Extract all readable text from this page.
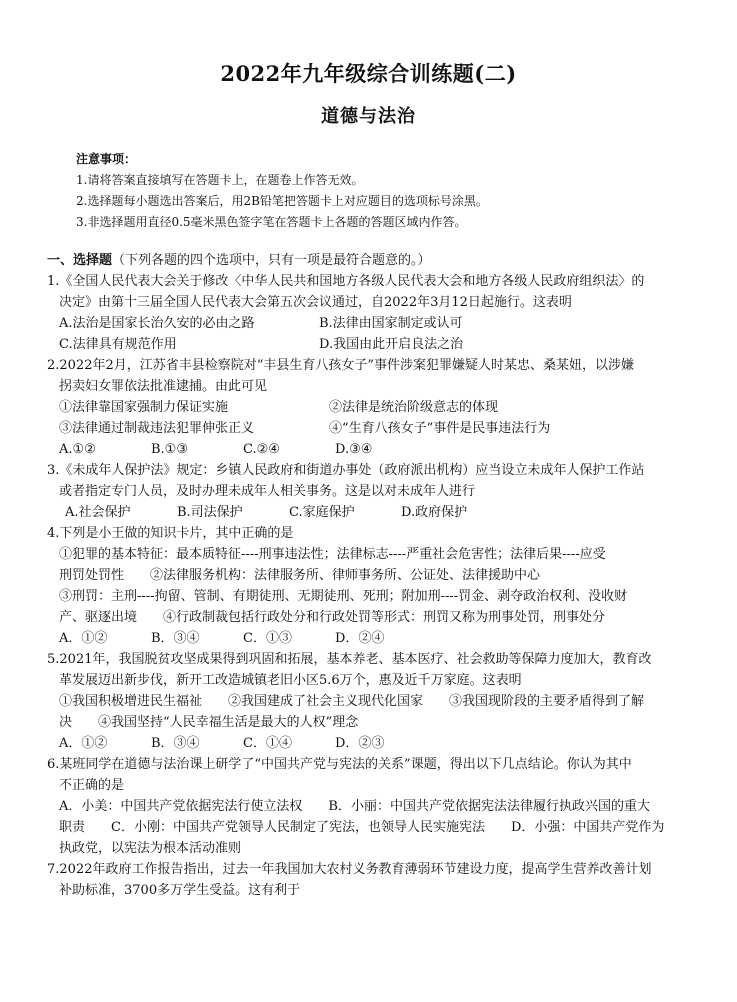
2022年九年级综合训练题(二)
道德与法治
注意事项：
1.请将答案直接填写在答题卡上，在题卷上作答无效。
2.选择题每小题选出答案后，用2B铅笔把答题卡上对应题目的选项标号涂黑。
3.非选择题用直径0.5毫米黑色签字笔在答题卡上各题的答题区域内作答。

一、选择题（下列各题的四个选项中，只有一项是最符合题意的。）

1.《全国人民代表大会关于修改〈中华人民共和国地方各级人民代表大会和地方各级人民政府组织法〉的

决定》由第十三届全国人民代表大会第五次会议通过，自2022年3月12日起施行。这表明

A.法治是国家长治久安的必由之路	B.法律由国家制定或认可
C.法律具有规范作用	D.我国由此开启良法之治

2.2022年2月，江苏省丰县检察院对“丰县生育八孩女子”事件涉案犯罪嫌疑人时某忠、桑某妞，以涉嫌

拐卖妇女罪依法批准逮捕。由此可见

①法律靠国家强制力保证实施	②法律是统治阶级意志的体现
③法律通过制裁违法犯罪伸张正义	④“生育八孩女子”事件是民事违法行为
A.①②	B.①③	C.②④	D.③④

3.《未成年人保护法》规定：乡镇人民政府和街道办事处（政府派出机构）应当设立未成年人保护工作站

或者指定专门人员，及时办理未成年人相关事务。这是以对未成年人进行

A.社会保护	B.司法保护	C.家庭保护	D.政府保护

4.下列是小王做的知识卡片，其中正确的是

①犯罪的基本特征：最本质特征----刑事违法性；法律标志----严重社会危害性；法律后果----应受

刑罚处罚性　　②法律服务机构：法律服务所、律师事务所、公证处、法律援助中心

③刑罚：主刑----拘留、管制、有期徒刑、无期徒刑、死刑；附加刑----罚金、剥夺政治权利、没收财

产、驱逐出境　　④行政制裁包括行政处分和行政处罚等形式：刑罚又称为刑事处罚，刑事处分

A．①②	B．③④	C．①③	D．②④

5.2021年，我国脱贫攻坚成果得到巩固和拓展，基本养老、基本医疗、社会救助等保障力度加大，教育改

革发展迈出新步伐，新开工改造城镇老旧小区5.6万个，惠及近千万家庭。这表明

①我国积极增进民生福祉　　②我国建成了社会主义现代化国家　　③我国现阶段的主要矛盾得到了解

决　　④我国坚持“人民幸福生活是最大的人权”理念

A．①②	B．③④	C．①④	D．②③

6.某班同学在道德与法治课上研学了“中国共产党与宪法的关系”课题，得出以下几点结论。你认为其中

不正确的是

A．小美：中国共产党依据宪法行使立法权　　B．小丽：中国共产党依据宪法法律履行执政兴国的重大

职责　　C．小刚：中国共产党领导人民制定了宪法，也领导人民实施宪法　　D．小强：中国共产党作为

执政党，以宪法为根本活动准则

7.2022年政府工作报告指出，过去一年我国加大农村义务教育薄弱环节建设力度，提高学生营养改善计划

补助标准，3700多万学生受益。这有利于
